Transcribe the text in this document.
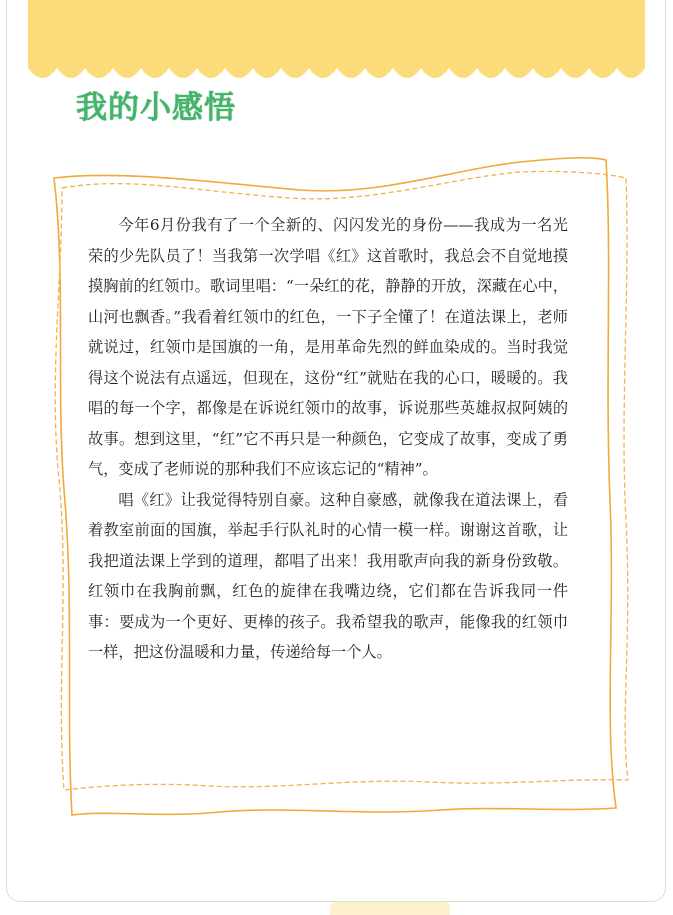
我的小感悟

今年6月份我有了一个全新的、闪闪发光的身份——我成为一名光荣的少先队员了！当我第一次学唱《红》这首歌时，我总会不自觉地摸摸胸前的红领巾。歌词里唱：“一朵红的花，静静的开放，深藏在心中，山河也飘香。”我看着红领巾的红色，一下子全懂了！在道法课上，老师就说过，红领巾是国旗的一角，是用革命先烈的鲜血染成的。当时我觉得这个说法有点遥远，但现在，这份“红”就贴在我的心口，暖暖的。我唱的每一个字，都像是在诉说红领巾的故事，诉说那些英雄叔叔阿姨的故事。想到这里，“红”它不再只是一种颜色，它变成了故事，变成了勇气，变成了老师说的那种我们不应该忘记的“精神”。

唱《红》让我觉得特别自豪。这种自豪感，就像我在道法课上，看着教室前面的国旗，举起手行队礼时的心情一模一样。谢谢这首歌，让我把道法课上学到的道理，都唱了出来！我用歌声向我的新身份致敬。红领巾在我胸前飘，红色的旋律在我嘴边绕，它们都在告诉我同一件事：要成为一个更好、更棒的孩子。我希望我的歌声，能像我的红领巾一样，把这份温暖和力量，传递给每一个人。
